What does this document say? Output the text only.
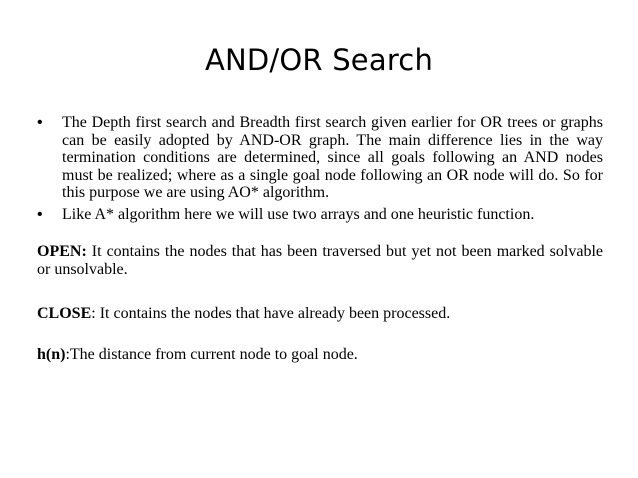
AND/OR Search
• The Depth first search and Breadth first search given earlier for OR trees or graphs can be easily adopted by AND-OR graph. The main difference lies in the way termination conditions are determined, since all goals following an AND nodes must be realized; where as a single goal node following an OR node will do. So for this purpose we are using AO* algorithm.
• Like A* algorithm here we will use two arrays and one heuristic function.

OPEN: It contains the nodes that has been traversed but yet not been marked solvable or unsolvable.

CLOSE: It contains the nodes that have already been processed.

h(n):The distance from current node to goal node.
